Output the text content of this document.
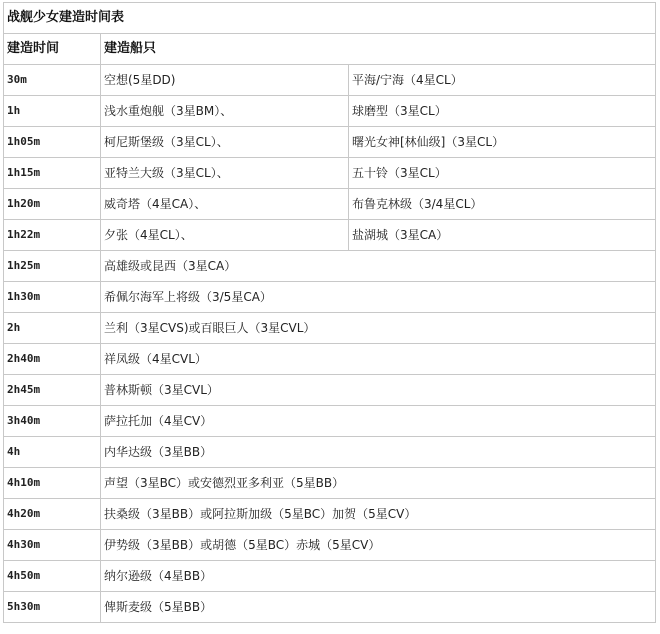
战舰少女建造时间表		
建造时间	建造船只	
30m	空想(5星DD)	平海/宁海（4星CL）
1h	浅水重炮舰（3星BM）、	球磨型（3星CL）
1h05m	柯尼斯堡级（3星CL）、	曙光女神[林仙级]（3星CL）
1h15m	亚特兰大级（3星CL）、	五十铃（3星CL）
1h20m	威奇塔（4星CA）、	布鲁克林级（3/4星CL）
1h22m	夕张（4星CL）、	盐湖城（3星CA）
1h25m	高雄级或昆西（3星CA）	
1h30m	希佩尔海军上将级（3/5星CA）	
2h	兰利（3星CVS)或百眼巨人（3星CVL）	
2h40m	祥凤级（4星CVL）	
2h45m	普林斯顿（3星CVL）	
3h40m	萨拉托加（4星CV）	
4h	内华达级（3星BB）	
4h10m	声望（3星BC）或安德烈亚多利亚（5星BB）	
4h20m	扶桑级（3星BB）或阿拉斯加级（5星BC）加贺（5星CV）	
4h30m	伊势级（3星BB）或胡德（5星BC）赤城（5星CV）	
4h50m	纳尔逊级（4星BB）	
5h30m	俾斯麦级（5星BB）	
